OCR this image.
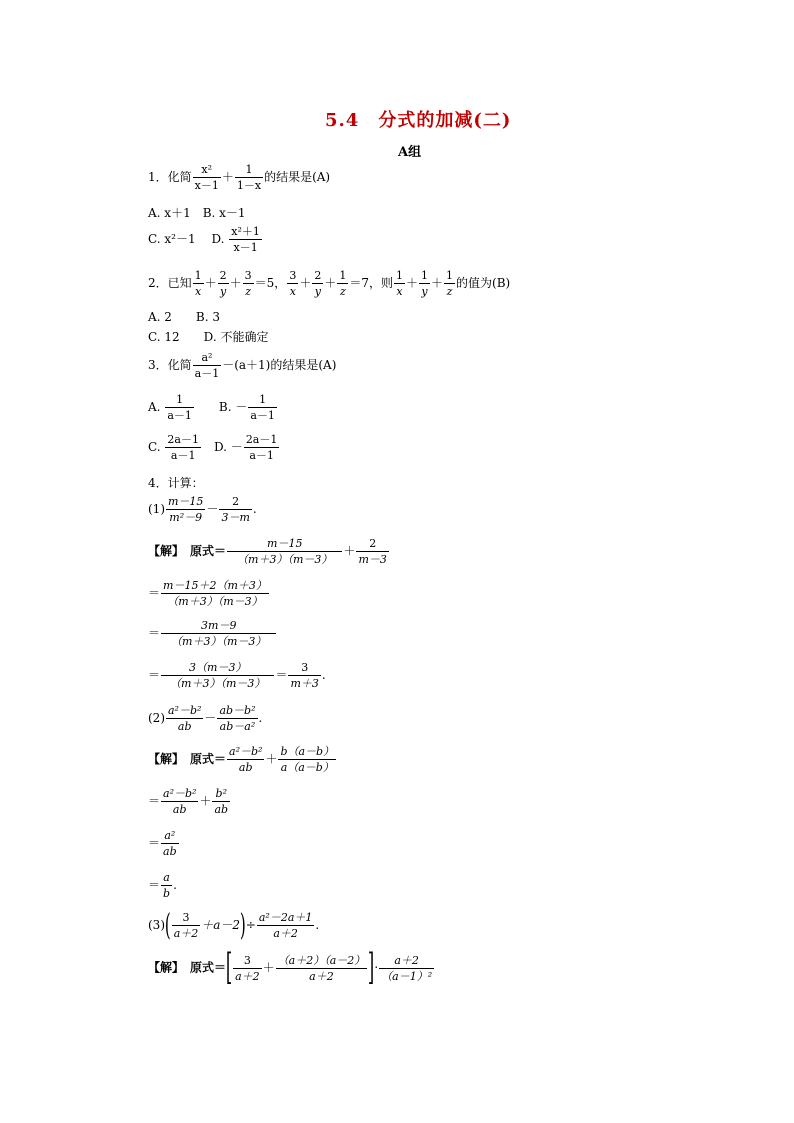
5.4　分式的加减(二)
A组
1．化简 $\frac{\text{x²}}{x-1} + \frac{1}{1-x}$ 的结果是(A)
A. x＋1　 B. x－1
C. x²－1　 D. $\frac{\text{x²＋1}}{x-1}$
2．已知 $\frac{1}{x} + \frac{2}{y} + \frac{3}{z} =5$， $\frac{3}{x} + \frac{2}{y} + \frac{1}{z} =7$，则 $\frac{1}{x} + \frac{1}{y} + \frac{1}{z}$ 的值为(B)
A. 2　　B. 3
C. 12　　D. 不能确定
3．化简 $\frac{\text{a²}}{a-1} -(a+1)$的结果是(A)
A. $\frac{1}{a-1}$
　　 B. － $\frac{1}{a-1}$
C. $\frac{2a-1}{a-1}$
　 D. － $\frac{2a-1}{a-1}$
4．计算：
$(1) \frac{m-15}{\text{m²－9}} - \frac{2}{3-m}$ .
【解】　原式＝ $\frac{m-15}{(m+3)(m-3)} + \frac{2}{m-3}$
＝ $\frac{m-15+2(m+3)}{(m+3)(m-3)}$
＝ $\frac{3m-9}{(m+3)(m-3)}$
＝ $\frac{3(m-3)}{(m+3)(m-3)} = \frac{3}{m+3}$ .
$(2) \frac{\text{a²－b²}}{ab} - \frac{\text{ab－b²}}{\text{ab－a²}}$ .
【解】　原式＝ $\frac{\text{a²－b²}}{ab} + \frac{b(a-b)}{a(a-b)}$
＝ $\frac{\text{a²－b²}}{ab} + \frac{\text{b²}}{ab}$
＝ $\frac{\text{a²}}{ab}$
＝ $\frac{a}{b}$ .
$(3)( \frac{3}{a+2} +a-2)\div \frac{\text{a²－2a＋1}}{a+2}$ .
【解】　原式＝[ $\frac{3}{a+2} + \frac{(a+2)(a-2)}{a+2}$ ]· $\frac{a+2}{\text{（a－1）²}}$
